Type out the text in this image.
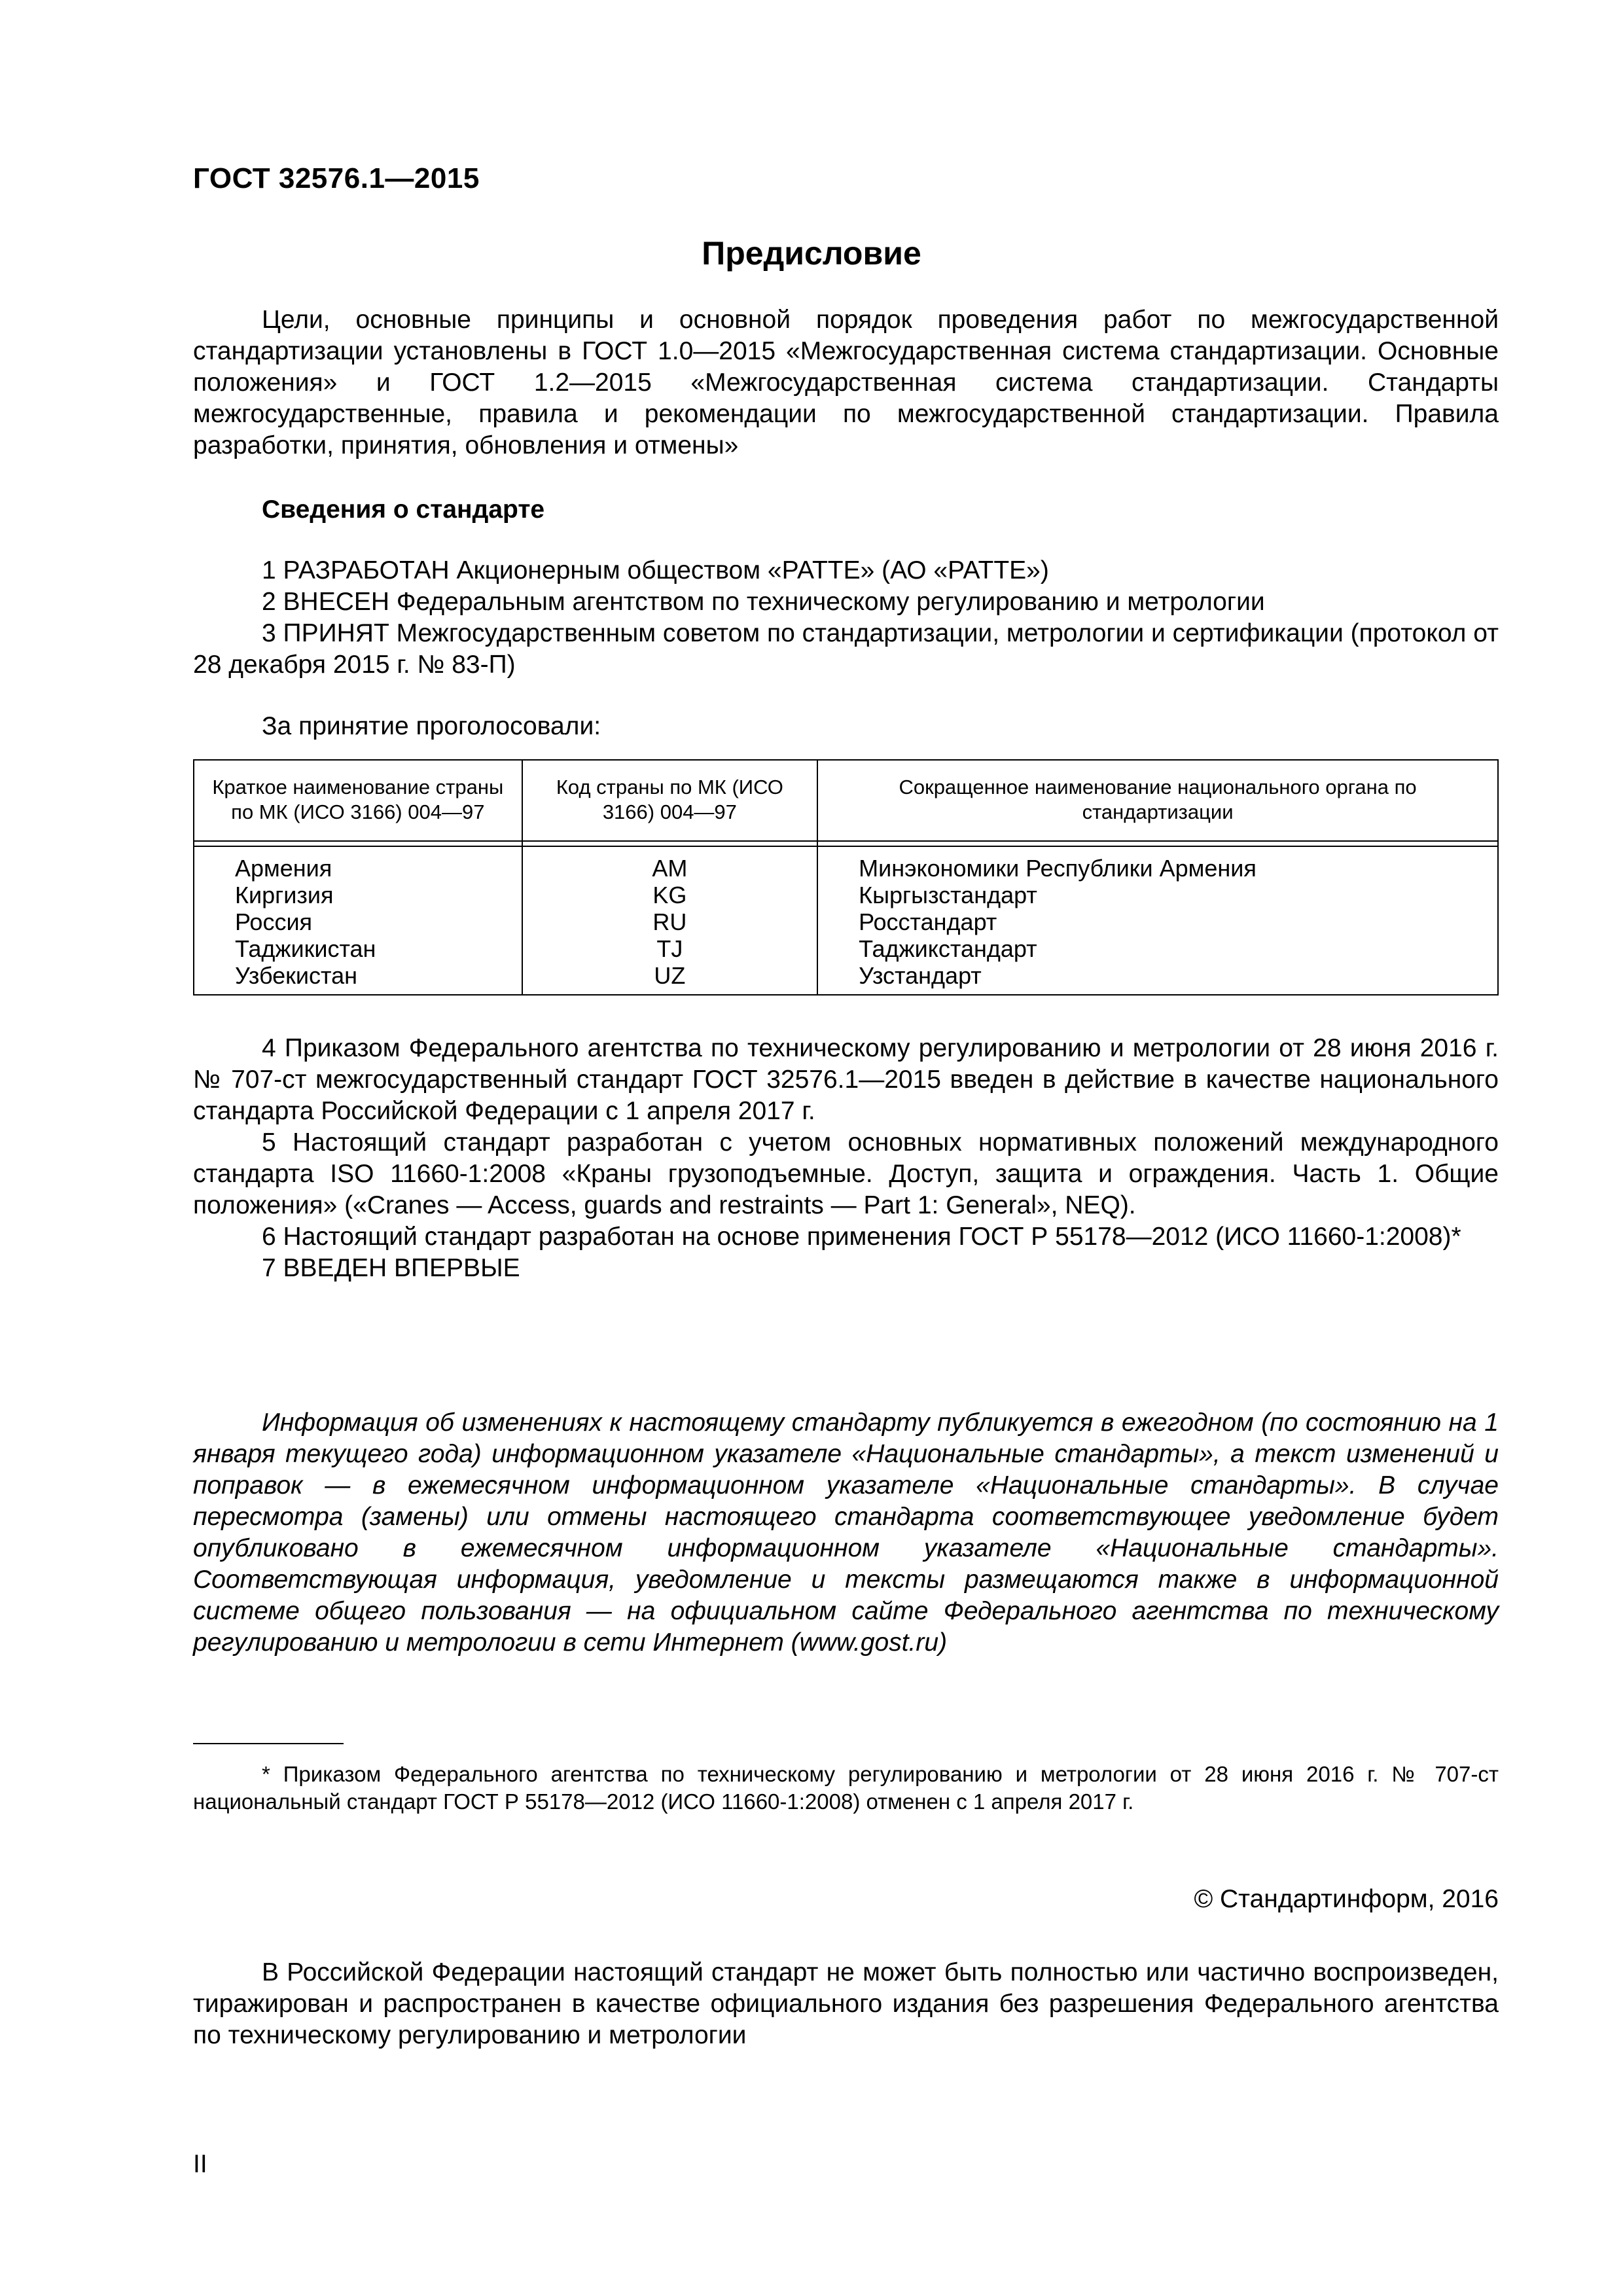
ГОСТ 32576.1—2015
Предисловие

Цели, основные принципы и основной порядок проведения работ по межгосударственной стандартизации установлены в ГОСТ 1.0—2015 «Межгосударственная система стандартизации. Основные положения» и ГОСТ 1.2—2015 «Межгосударственная система стандартизации. Стандарты межгосударственные, правила и рекомендации по межгосударственной стандартизации. Правила разработки, принятия, обновления и отмены»

Сведения о стандарте

1 РАЗРАБОТАН Акционерным обществом «РАТТЕ» (АО «РАТТЕ»)

2 ВНЕСЕН Федеральным агентством по техническому регулированию и метрологии

3 ПРИНЯТ Межгосударственным советом по стандартизации, метрологии и сертификации (протокол от 28 декабря 2015 г. № 83-П)

За принятие проголосовали:

Краткое наименование страны по МК (ИСО 3166) 004—97	Код страны по МК (ИСО 3166) 004—97	Сокращенное наименование национального органа по стандартизации

Армения	AM	Минэкономики Республики Армения
Киргизия	KG	Кыргызстандарт
Россия	RU	Росстандарт
Таджикистан	TJ	Таджикстандарт
Узбекистан	UZ	Узстандарт

4 Приказом Федерального агентства по техническому регулированию и метрологии от 28 июня 2016 г. № 707-ст межгосударственный стандарт ГОСТ 32576.1—2015 введен в действие в качестве национального стандарта Российской Федерации с 1 апреля 2017 г.

5 Настоящий стандарт разработан с учетом основных нормативных положений международного стандарта ISO 11660-1:2008 «Краны грузоподъемные. Доступ, защита и ограждения. Часть 1. Общие положения» («Cranes — Access, guards and restraints — Part 1: General», NEQ).

6 Настоящий стандарт разработан на основе применения ГОСТ Р 55178—2012 (ИСО 11660-1:2008)*

7 ВВЕДЕН ВПЕРВЫЕ

Информация об изменениях к настоящему стандарту публикуется в ежегодном (по состоянию на 1 января текущего года) информационном указателе «Национальные стандарты», а текст изменений и поправок — в ежемесячном информационном указателе «Национальные стандарты». В случае пересмотра (замены) или отмены настоящего стандарта соответствующее уведомление будет опубликовано в ежемесячном информационном указателе «Национальные стандарты». Соответствующая информация, уведомление и тексты размещаются также в информационной системе общего пользования — на официальном сайте Федерального агентства по техническому регулированию и метрологии в сети Интернет (www.gost.ru)

* Приказом Федерального агентства по техническому регулированию и метрологии от 28 июня 2016 г. № 707-ст национальный стандарт ГОСТ Р 55178—2012 (ИСО 11660-1:2008) отменен с 1 апреля 2017 г.

© Стандартинформ, 2016

В Российской Федерации настоящий стандарт не может быть полностью или частично воспроизведен, тиражирован и распространен в качестве официального издания без разрешения Федерального агентства по техническому регулированию и метрологии

II
